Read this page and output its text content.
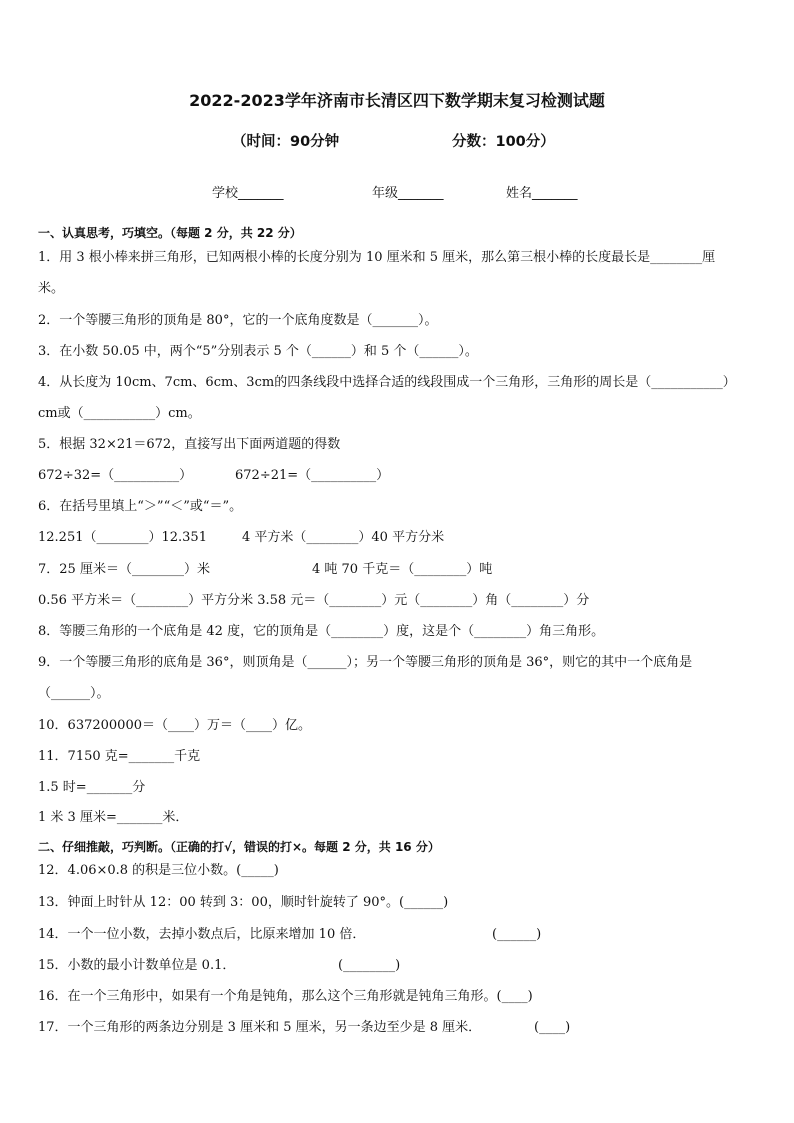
2022-2023学年济南市长清区四下数学期末复习检测试题
（时间：90分钟	分数：100分）
学校_______	年级_______	姓名_______
一、认真思考，巧填空。（每题 2 分，共 22 分）
1．用 3 根小棒来拼三角形，已知两根小棒的长度分别为 10 厘米和 5 厘米，那么第三根小棒的长度最长是________厘
米。
2．一个等腰三角形的顶角是 80°，它的一个底角度数是（_______）。
3．在小数 50.05 中，两个“5”分别表示 5 个（______）和 5 个（______）。
4．从长度为 10cm、7cm、6cm、3cm的四条线段中选择合适的线段围成一个三角形，三角形的周长是（___________）
cm或（___________）cm。
5．根据 32×21＝672，直接写出下面两道题的得数
672÷32=（__________）	672÷21=（__________）
6．在括号里填上“＞”“＜”或“＝”。
12.251（________）12.351	4 平方米（________）40 平方分米
7．25 厘米＝（________）米	4 吨 70 千克＝（________）吨
0.56 平方米＝（________）平方分米 3.58 元＝（________）元（________）角（________）分
8．等腰三角形的一个底角是 42 度，它的顶角是（________）度，这是个（________）角三角形。
9．一个等腰三角形的底角是 36°，则顶角是（______）；另一个等腰三角形的顶角是 36°，则它的其中一个底角是
（______）。
10．637200000＝（____）万＝（____）亿。
11．7150 克=_______千克
1.5 时=_______分
1 米 3 厘米=_______米．
二、仔细推敲，巧判断。（正确的打√，错误的打×。每题 2 分，共 16 分）
12．4.06×0.8 的积是三位小数。(_____)
13．钟面上时针从 12：00 转到 3：00，顺时针旋转了 90°。(______)
14．一个一位小数，去掉小数点后，比原来增加 10 倍．	(______)
15．小数的最小计数单位是 0.1．	(________)
16．在一个三角形中，如果有一个角是钝角，那么这个三角形就是钝角三角形。(____)
17．一个三角形的两条边分别是 3 厘米和 5 厘米，另一条边至少是 8 厘米．	(____)
